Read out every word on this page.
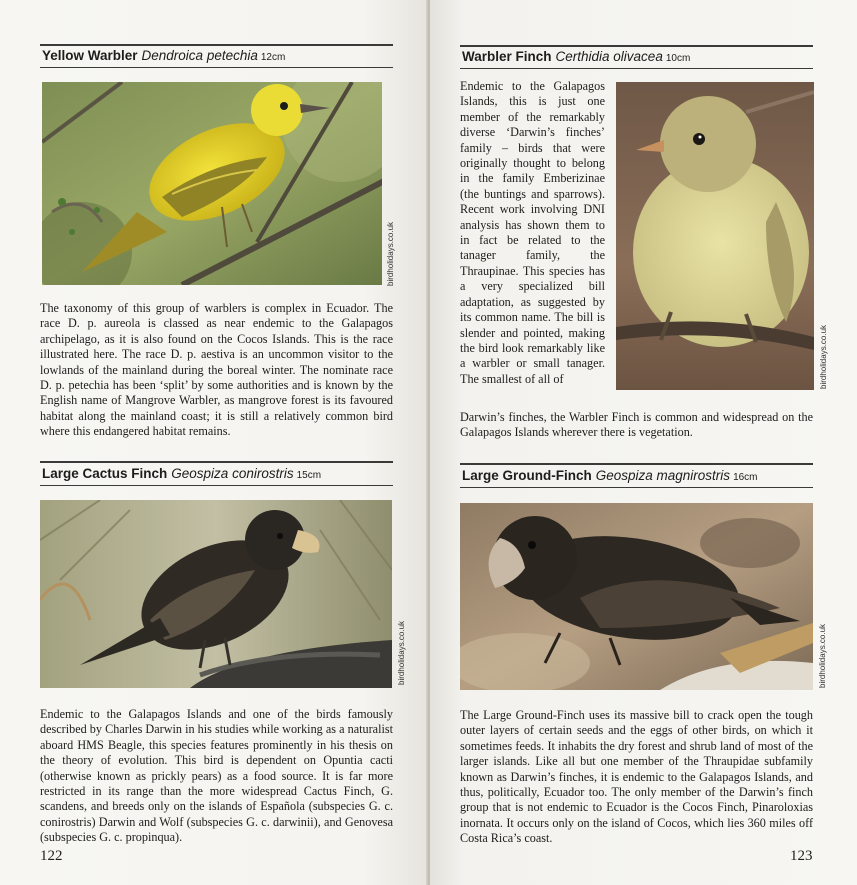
Yellow Warbler Dendroica petechia 12cm
birdholidays.co.uk
The taxonomy of this group of warblers is complex in Ecuador. The race D. p. aureola is classed as near endemic to the Galapagos archipelago, as it is also found on the Cocos Islands. This is the race illustrated here. The race D. p. aestiva is an uncommon visitor to the lowlands of the mainland during the boreal winter. The nominate race D. p. petechia has been ‘split’ by some authorities and is known by the English name of Mangrove Warbler, as mangrove forest is its favoured habitat along the mainland coast; it is still a relatively common bird where this endangered habitat remains.
Large Cactus Finch Geospiza conirostris 15cm
birdholidays.co.uk
Endemic to the Galapagos Islands and one of the birds famously described by Charles Darwin in his studies while working as a naturalist aboard HMS Beagle, this species features prominently in his thesis on the theory of evolution. This bird is dependent on Opuntia cacti (otherwise known as prickly pears) as a food source. It is far more restricted in its range than the more widespread Cactus Finch, G. scandens, and breeds only on the islands of Española (subspecies G. c. conirostris) Darwin and Wolf (subspecies G. c. darwinii), and Genovesa (subspecies G. c. propinqua).
122
Warbler Finch Certhidia olivacea 10cm
Endemic to the Galapagos Islands, this is just one member of the remarkably diverse ‘Darwin’s finches’ family – birds that were originally thought to belong in the family Emberizinae (the buntings and sparrows). Recent work involving DNI analysis has shown them to in fact be related to the tanager family, the Thraupinae. This species has a very specialized bill adaptation, as suggested by its common name. The bill is slender and pointed, making the bird look remarkably like a warbler or small tanager. The smallest of all of	birdholidays.co.uk
Darwin’s finches, the Warbler Finch is common and widespread on the Galapagos Islands wherever there is vegetation.
Large Ground-Finch Geospiza magnirostris 16cm
birdholidays.co.uk
The Large Ground-Finch uses its massive bill to crack open the tough outer layers of certain seeds and the eggs of other birds, on which it sometimes feeds. It inhabits the dry forest and shrub land of most of the larger islands. Like all but one member of the Thraupidae subfamily known as Darwin’s finches, it is endemic to the Galapagos Islands, and thus, politically, Ecuador too. The only member of the Darwin’s finch group that is not endemic to Ecuador is the Cocos Finch, Pinaroloxias inornata. It occurs only on the island of Cocos, which lies 360 miles off Costa Rica’s coast.
123
